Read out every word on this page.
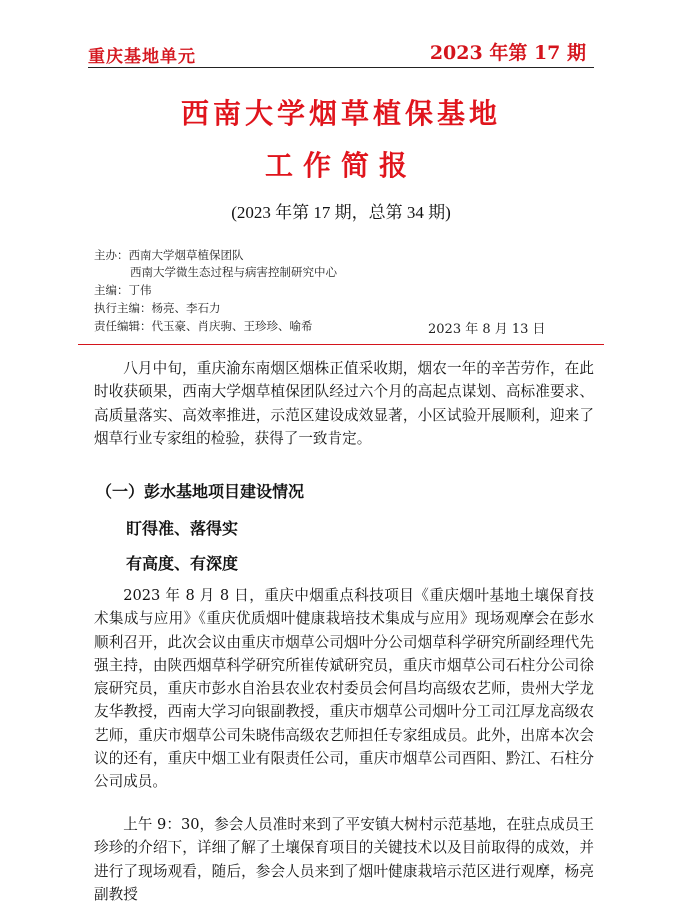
重庆基地单元	2023 年第 17 期
西南大学烟草植保基地
工作简报
(2023 年第 17 期，总第 34 期)
主办：西南大学烟草植保团队
西南大学微生态过程与病害控制研究中心
主编：丁伟
执行主编：杨亮、李石力
责任编辑：代玉豪、肖庆驹、王珍珍、喻希	2023 年 8 月 13 日
八月中旬，重庆渝东南烟区烟株正值采收期，烟农一年的辛苦劳作，在此时收获硕果，西南大学烟草植保团队经过六个月的高起点谋划、高标准要求、高质量落实、高效率推进，示范区建设成效显著，小区试验开展顺利，迎来了烟草行业专家组的检验，获得了一致肯定。
（一）彭水基地项目建设情况
盯得准、落得实
有高度、有深度
2023 年 8 月 8 日，重庆中烟重点科技项目《重庆烟叶基地土壤保育技术集成与应用》《重庆优质烟叶健康栽培技术集成与应用》现场观摩会在彭水顺利召开，此次会议由重庆市烟草公司烟叶分公司烟草科学研究所副经理代先强主持，由陕西烟草科学研究所崔传斌研究员，重庆市烟草公司石柱分公司徐宸研究员，重庆市彭水自治县农业农村委员会何昌均高级农艺师，贵州大学龙友华教授，西南大学习向银副教授，重庆市烟草公司烟叶分工司江厚龙高级农艺师，重庆市烟草公司朱晓伟高级农艺师担任专家组成员。此外，出席本次会议的还有，重庆中烟工业有限责任公司，重庆市烟草公司酉阳、黔江、石柱分公司成员。
上午 9：30，参会人员准时来到了平安镇大树村示范基地，在驻点成员王珍珍的介绍下，详细了解了土壤保育项目的关键技术以及目前取得的成效，并进行了现场观看，随后，参会人员来到了烟叶健康栽培示范区进行观摩，杨亮副教授
